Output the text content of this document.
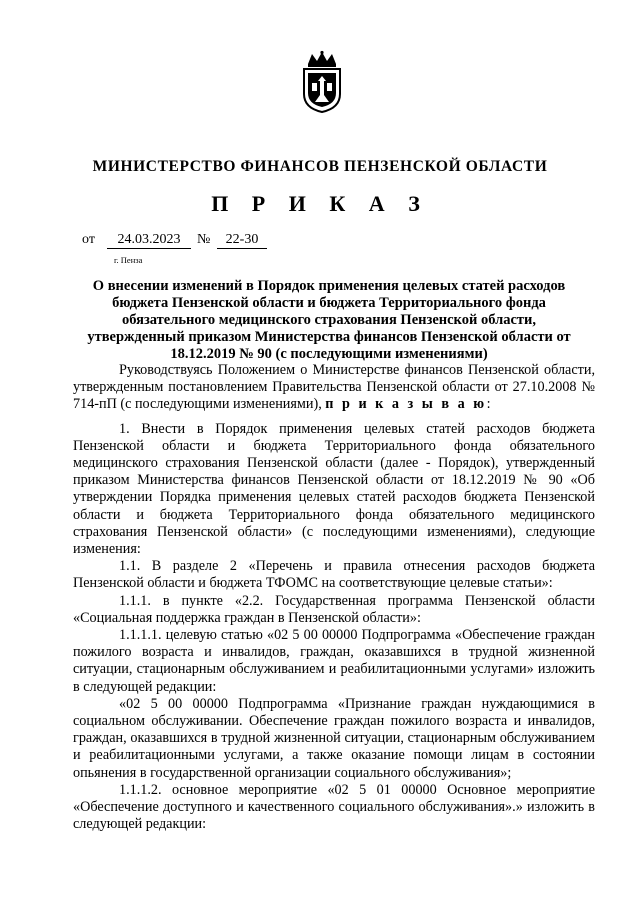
МИНИСТЕРСТВО ФИНАНСОВ ПЕНЗЕНСКОЙ ОБЛАСТИ
П Р И К А З
от	24.03.2023	№	22-30
г. Пенза
О внесении изменений в Порядок применения целевых статей расходов бюджета Пензенской области и бюджета Территориального фонда обязательного медицинского страхования Пензенской области, утвержденный приказом Министерства финансов Пензенской области от 18.12.2019 № 90 (с последующими изменениями)

Руководствуясь Положением о Министерстве финансов Пензенской области, утвержденным постановлением Правительства Пензенской области от 27.10.2008 № 714-пП (с последующими изменениями), п р и к а з ы в а ю:

1. Внести в Порядок применения целевых статей расходов бюджета Пензенской области и бюджета Территориального фонда обязательного медицинского страхования Пензенской области (далее - Порядок), утвержденный приказом Министерства финансов Пензенской области от 18.12.2019 № 90 «Об утверждении Порядка применения целевых статей расходов бюджета Пензенской области и бюджета Территориального фонда обязательного медицинского страхования Пензенской области» (с последующими изменениями), следующие изменения:

1.1. В разделе 2 «Перечень и правила отнесения расходов бюджета Пензенской области и бюджета ТФОМС на соответствующие целевые статьи»:

1.1.1. в пункте «2.2. Государственная программа Пензенской области «Социальная поддержка граждан в Пензенской области»:

1.1.1.1. целевую статью «02 5 00 00000 Подпрограмма «Обеспечение граждан пожилого возраста и инвалидов, граждан, оказавшихся в трудной жизненной ситуации, стационарным обслуживанием и реабилитационными услугами» изложить в следующей редакции:

«02 5 00 00000 Подпрограмма «Признание граждан нуждающимися в социальном обслуживании. Обеспечение граждан пожилого возраста и инвалидов, граждан, оказавшихся в трудной жизненной ситуации, стационарным обслуживанием и реабилитационными услугами, а также оказание помощи лицам в состоянии опьянения в государственной организации социального обслуживания»;

1.1.1.2. основное мероприятие «02 5 01 00000 Основное мероприятие «Обеспечение доступного и качественного социального обслуживания».» изложить в следующей редакции:
